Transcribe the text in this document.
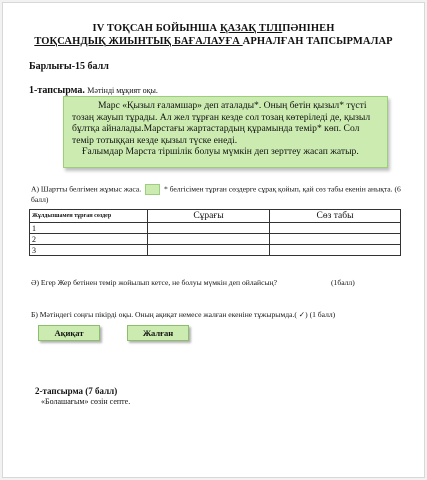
IV ТОҚСАН БОЙЫНША ҚАЗАҚ ТІЛІПӘНІНЕН
ТОҚСАНДЫҚ ЖИЫНТЫҚ БАҒАЛАУҒА АРНАЛҒАН ТАПСЫРМАЛАР
Барлығы-15 балл
1-тапсырма. Мәтінді мұқият оқы.

Марс «Қызыл ғаламшар» деп аталады*. Оның бетін қызыл* түсті тозаң жауып тұрады. Ал жел тұрған кезде сол тозаң көтеріледі де, қызыл бұлтқа айналады.Марстағы жартастардың құрамында темір* көп. Сол темір тотыққан кезде қызыл түске енеді.

Ғалымдар Марста тіршілік болуы мүмкін деп зерттеу жасап жатыр.

А) Шартты белгімен жұмыс жаса.	* белгісімен тұрған сөздерге сұрақ қойып, қай сөз табы екенін анықта. (6 балл)
Жұлдызшамен тұрған сөздер	Сұрағы	Сөз табы
1		
2		
3		
Ә) Егер Жер бетінен темір жойылып кетсе, не болуы мүмкін деп ойлайсың?	(1балл)
Б) Мәтіндегі соңғы пікірді оқы. Оның ақиқат немесе жалған екеніне тұжырымда.( ✓) (1 балл)
Ақиқат	Жалған
2-тапсырма (7 балл)
«Болашағым» сөзін септе.
